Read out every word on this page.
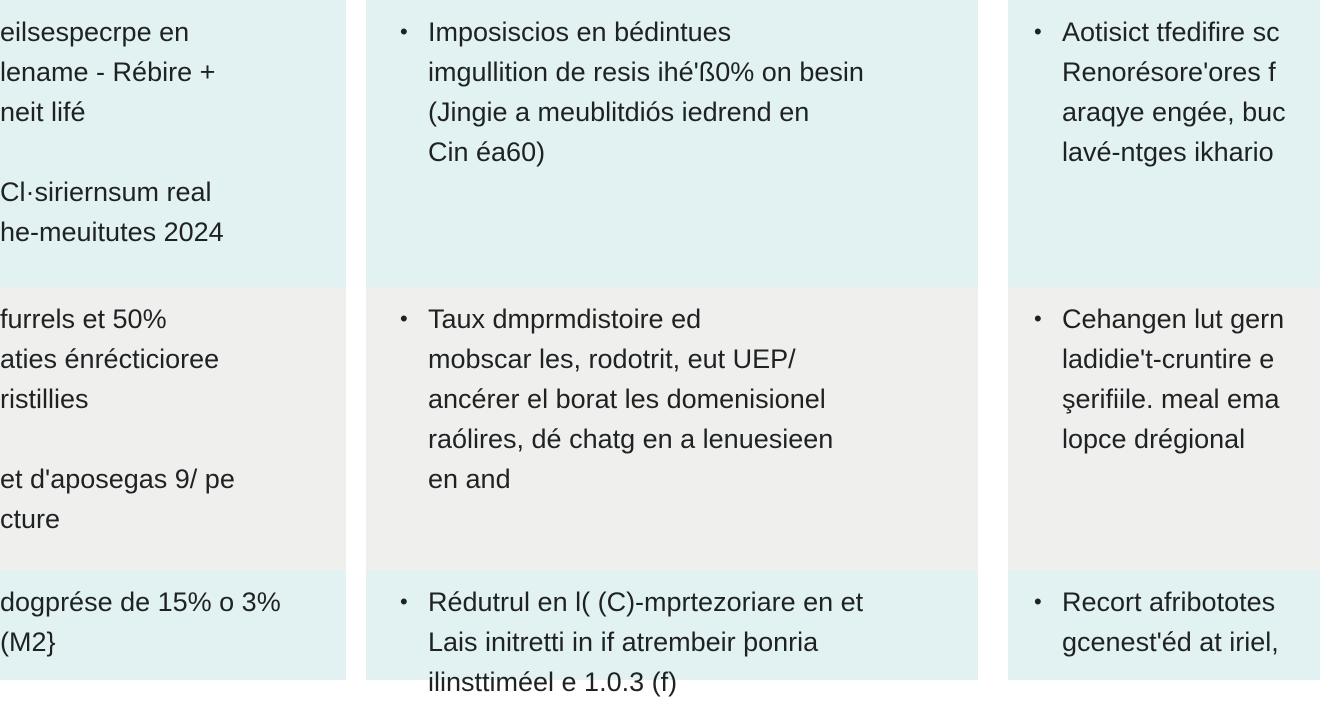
eilsespecrpe en
lenamе - Rébire +
neit lifé
Cl·siriernsum real
he-meuitutes 2024
furrels et 50%
aties énrécticioree
ristillies
et d'aposegas 9/ pe
cture
dogprése de 15% o 3%
(M2}
• Imposiscios en bédintues
imgullition de resis ihé'ß0% on besin
(Jingie a meublitdiós iedrend en
Cin éa60)
• Taux dmprmdistoire ed
mobscar les, rodotrit, eut UEP/
ancérer el borat les domenisionel
raólires, dé chatg en a lenuesieen
en and
• Rédutrul en l( (C)-mprtezoriare en et
Lais initretti in if atrembeir þonria
ilinsttiméel e 1.0.3 (f)
• Aotisict tfedifire sc
Renorésore'ores f
araqye engée, buc
lavé-ntges ikhario
• Cehangen lut gern
ladidie't-cruntire e
şerifiile. meal ema
lopce drégional
• Recort afribototes
gcenest'éd at iriel,
